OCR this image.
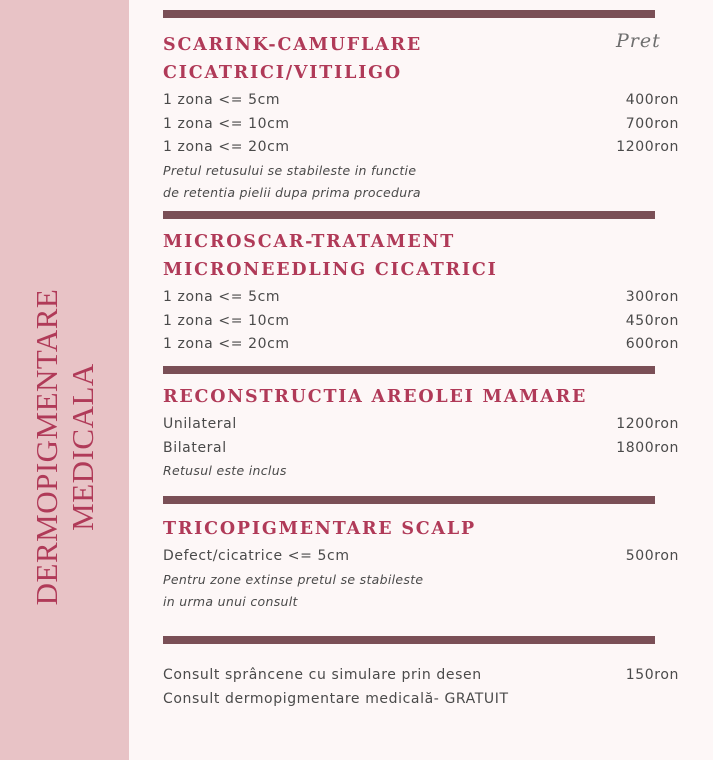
DERMOPIGMENTARE MEDICALA
Pret
SCARINK-CAMUFLARE
CICATRICI/VITILIGO
1 zona <= 5cm	400ron
1 zona <= 10cm	700ron
1 zona <= 20cm	1200ron
Pretul retusului se stabileste in functie
de retentia pielii dupa prima procedura
MICROSCAR-TRATAMENT
MICRONEEDLING CICATRICI
1 zona <= 5cm	300ron
1 zona <= 10cm	450ron
1 zona <= 20cm	600ron
RECONSTRUCTIA AREOLEI MAMARE
Unilateral	1200ron
Bilateral	1800ron
Retusul este inclus
TRICOPIGMENTARE SCALP
Defect/cicatrice <= 5cm	500ron
Pentru zone extinse pretul se stabileste
in urma unui consult
Consult sprâncene cu simulare prin desen	150ron
Consult dermopigmentare medicală- GRATUIT
